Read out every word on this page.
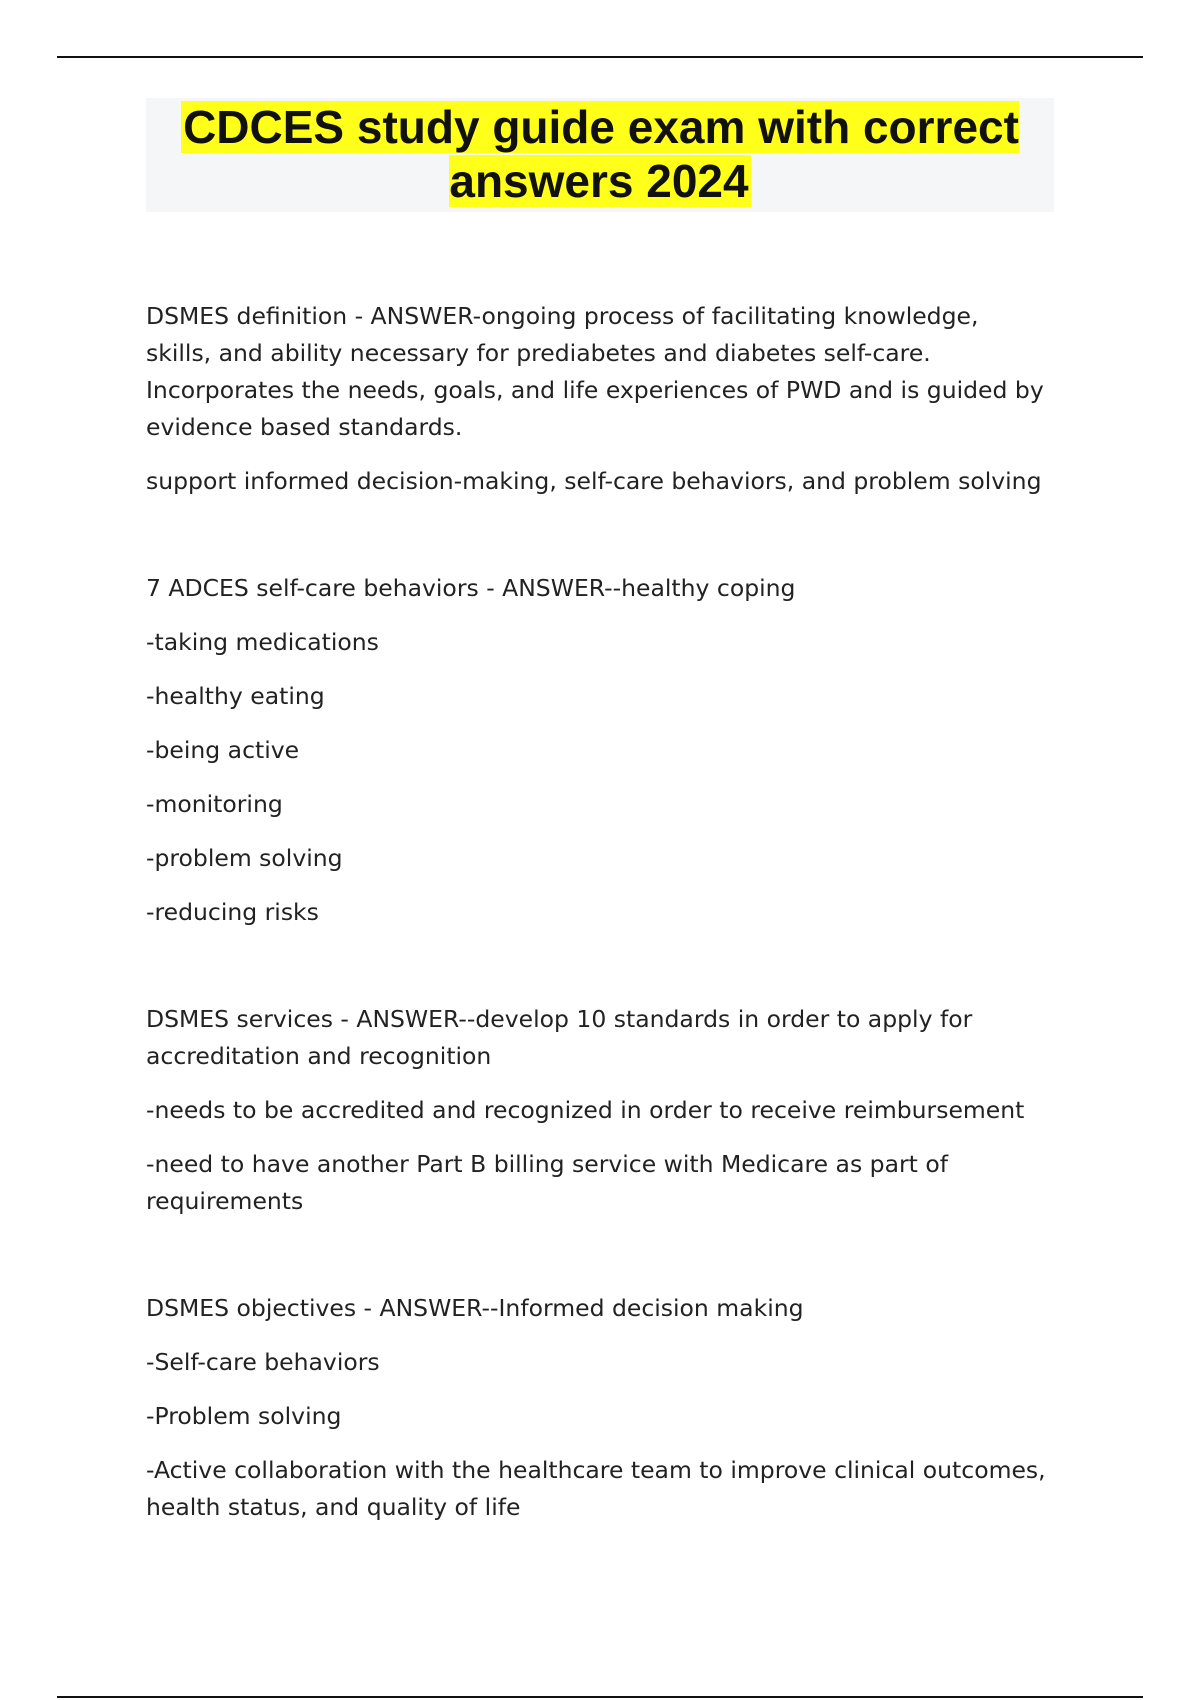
CDCES study guide exam with correct answers 2024

DSMES definition - ANSWER-ongoing process of facilitating knowledge, skills, and ability necessary for prediabetes and diabetes self-care. Incorporates the needs, goals, and life experiences of PWD and is guided by evidence based standards.

support informed decision-making, self-care behaviors, and problem solving

7 ADCES self-care behaviors - ANSWER--healthy coping

-taking medications

-healthy eating

-being active

-monitoring

-problem solving

-reducing risks

DSMES services - ANSWER--develop 10 standards in order to apply for accreditation and recognition

-needs to be accredited and recognized in order to receive reimbursement

-need to have another Part B billing service with Medicare as part of requirements

DSMES objectives - ANSWER--Informed decision making

-Self-care behaviors

-Problem solving

-Active collaboration with the healthcare team to improve clinical outcomes, health status, and quality of life
